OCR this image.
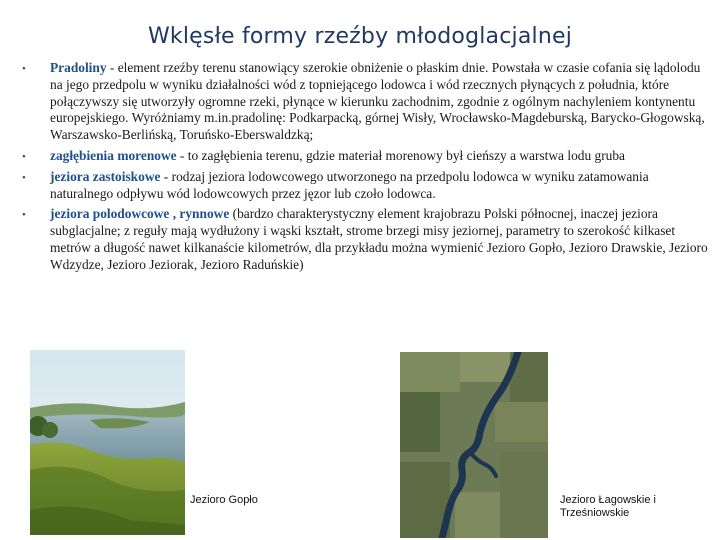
Wklęsłe formy rzeźby młodoglacjalnej
• Pradoliny - element rzeźby terenu stanowiący szerokie obniżenie o płaskim dnie. Powstała w czasie cofania się lądolodu na jego przedpolu w wyniku działalności wód z topniejącego lodowca i wód rzecznych płynących z południa, które połączywszy się utworzyły ogromne rzeki, płynące w kierunku zachodnim, zgodnie z ogólnym nachyleniem kontynentu europejskiego. Wyróżniamy m.in.pradolinę: Podkarpacką, górnej Wisły, Wrocławsko-Magdeburską, Barycko-Głogowską, Warszawsko-Berlińską, Toruńsko-Eberswaldzką;
• zagłębienia morenowe - to zagłębienia terenu, gdzie materiał morenowy był cieńszy a warstwa lodu gruba
• jeziora zastoiskowe - rodzaj jeziora lodowcowego utworzonego na przedpolu lodowca w wyniku zatamowania naturalnego odpływu wód lodowcowych przez jęzor lub czoło lodowca.
• jeziora polodowcowe , rynnowe (bardzo charakterystyczny element krajobrazu Polski północnej, inaczej jeziora subglacjalne; z reguły mają wydłużony i wąski kształt, strome brzegi misy jeziornej, parametry to szerokość kilkaset metrów a długość nawet kilkanaście kilometrów, dla przykładu można wymienić Jezioro Gopło, Jezioro Drawskie, Jezioro Wdzydze, Jezioro Jeziorak, Jezioro Raduńskie)
Jezioro Gopło	Jezioro Łagowskie i
Trześniowskie
